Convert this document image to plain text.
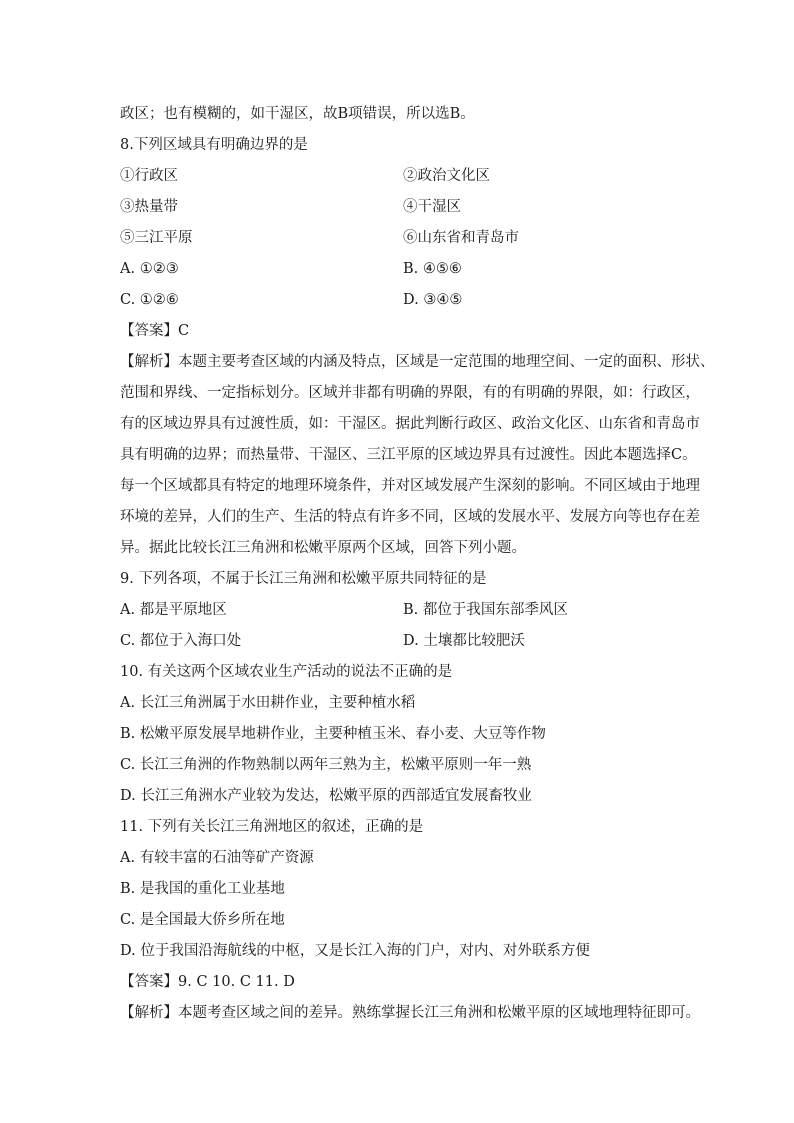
政区；也有模糊的，如干湿区，故B项错误，所以选B。
8.下列区域具有明确边界的是
①行政区	②政治文化区
③热量带	④干湿区
⑤三江平原	⑥山东省和青岛市
A. ①②③	B. ④⑤⑥
C. ①②⑥	D. ③④⑤
【答案】C
【解析】本题主要考查区域的内涵及特点，区域是一定范围的地理空间、一定的面积、形状、
范围和界线、一定指标划分。区域并非都有明确的界限，有的有明确的界限，如：行政区，
有的区域边界具有过渡性质，如：干湿区。据此判断行政区、政治文化区、山东省和青岛市
具有明确的边界；而热量带、干湿区、三江平原的区域边界具有过渡性。因此本题选择C。
每一个区域都具有特定的地理环境条件，并对区域发展产生深刻的影响。不同区域由于地理
环境的差异，人们的生产、生活的特点有许多不同，区域的发展水平、发展方向等也存在差
异。据此比较长江三角洲和松嫩平原两个区域，回答下列小题。
9. 下列各项，不属于长江三角洲和松嫩平原共同特征的是
A. 都是平原地区	B. 都位于我国东部季风区
C. 都位于入海口处	D. 土壤都比较肥沃
10. 有关这两个区域农业生产活动的说法不正确的是
A. 长江三角洲属于水田耕作业，主要种植水稻
B. 松嫩平原发展旱地耕作业，主要种植玉米、春小麦、大豆等作物
C. 长江三角洲的作物熟制以两年三熟为主，松嫩平原则一年一熟
D. 长江三角洲水产业较为发达，松嫩平原的西部适宜发展畜牧业
11. 下列有关长江三角洲地区的叙述，正确的是
A. 有较丰富的石油等矿产资源
B. 是我国的重化工业基地
C. 是全国最大侨乡所在地
D. 位于我国沿海航线的中枢，又是长江入海的门户，对内、对外联系方便
【答案】9. C 10. C 11. D
【解析】本题考查区域之间的差异。熟练掌握长江三角洲和松嫩平原的区域地理特征即可。
